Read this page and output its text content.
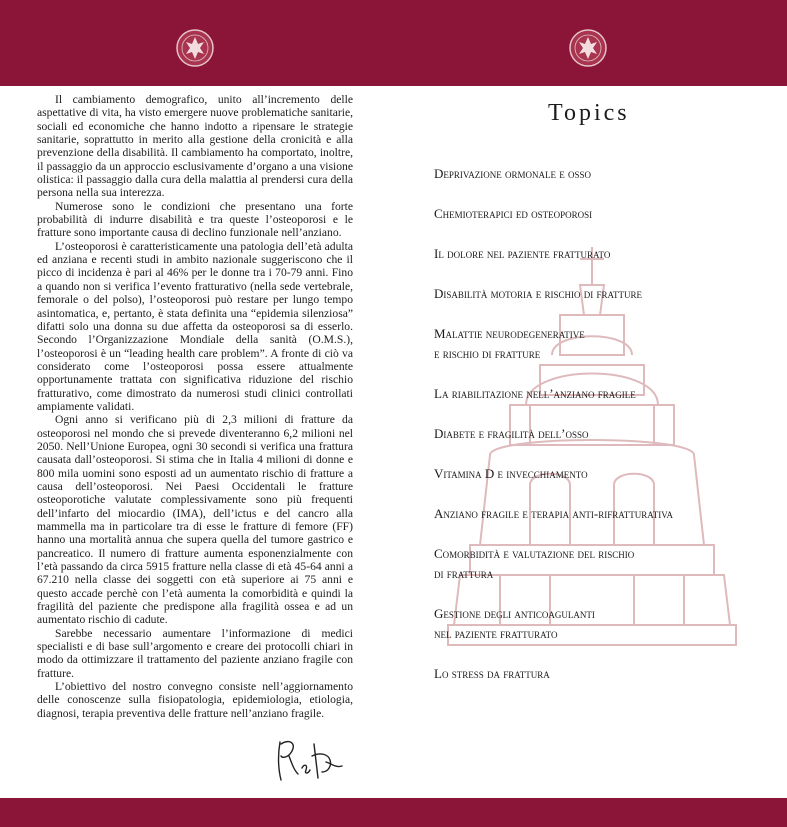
Il cambiamento demografico, unito all’incremento delle aspettative di vita, ha visto emergere nuove problematiche sanitarie, sociali ed economiche che hanno indotto a ripensare le strategie sanitarie, soprattutto in merito alla gestione della cronicità e alla prevenzione della disabilità. Il cambiamento ha comportato, inoltre, il passaggio da un approccio esclusivamente d’organo a una visione olistica: il passaggio dalla cura della malattia al prendersi cura della persona nella sua interezza.

Numerose sono le condizioni che presentano una forte probabilità di indurre disabilità e tra queste l’osteoporosi e le fratture sono importante causa di declino funzionale nell’anziano.

L’osteoporosi è caratteristicamente una patologia dell’età adulta ed anziana e recenti studi in ambito nazionale suggeriscono che il picco di incidenza è pari al 46% per le donne tra i 70-79 anni. Fino a quando non si verifica l’evento fratturativo (nella sede vertebrale, femorale o del polso), l’osteoporosi può restare per lungo tempo asintomatica, e, pertanto, è stata definita una “epidemia silenziosa” difatti solo una donna su due affetta da osteoporosi sa di esserlo. Secondo l’Organizzazione Mondiale della sanità (O.M.S.), l’osteoporosi è un “leading health care problem”. A fronte di ciò va considerato come l’osteoporosi possa essere attualmente opportunamente trattata con significativa riduzione del rischio fratturativo, come dimostrato da numerosi studi clinici controllati ampiamente validati.

Ogni anno si verificano più di 2,3 milioni di fratture da osteoporosi nel mondo che si prevede diventeranno 6,2 milioni nel 2050. Nell’Unione Europea, ogni 30 secondi si verifica una frattura causata dall’osteoporosi. Si stima che in Italia 4 milioni di donne e 800 mila uomini sono esposti ad un aumentato rischio di fratture a causa dell’osteoporosi. Nei Paesi Occidentali le fratture osteoporotiche valutate complessivamente sono più frequenti dell’infarto del miocardio (IMA), dell’ictus e del cancro alla mammella ma in particolare tra di esse le fratture di femore (FF) hanno una mortalità annua che supera quella del tumore gastrico e pancreatico. Il numero di fratture aumenta esponenzialmente con l’età passando da circa 5915 fratture nella classe di età 45-64 anni a 67.210 nella classe dei soggetti con età superiore ai 75 anni e questo accade perchè con l’età aumenta la comorbidità e quindi la fragilità del paziente che predispone alla fragilità ossea e ad un aumentato rischio di cadute.

Sarebbe necessario aumentare l’informazione di medici specialisti e di base sull’argomento e creare dei protocolli chiari in modo da ottimizzare il trattamento del paziente anziano fragile con fratture.

L’obiettivo del nostro convegno consiste nell’aggiornamento delle conoscenze sulla fisiopatologia, epidemiologia, etiologia, diagnosi, terapia preventiva delle fratture nell’anziano fragile.

Topics
Deprivazione ormonale e osso
Chemioterapici ed osteoporosi
Il dolore nel paziente fratturato
Disabilità motoria e rischio di fratture
Malattie neurodegenerative
e rischio di fratture
La riabilitazione nell’anziano fragile
Diabete e fragilità dell’osso
Vitamina D e invecchiamento
Anziano fragile e terapia anti-rifratturativa
Comorbidità e valutazione del rischio
di frattura
Gestione degli anticoagulanti
nel paziente fratturato
Lo stress da frattura
